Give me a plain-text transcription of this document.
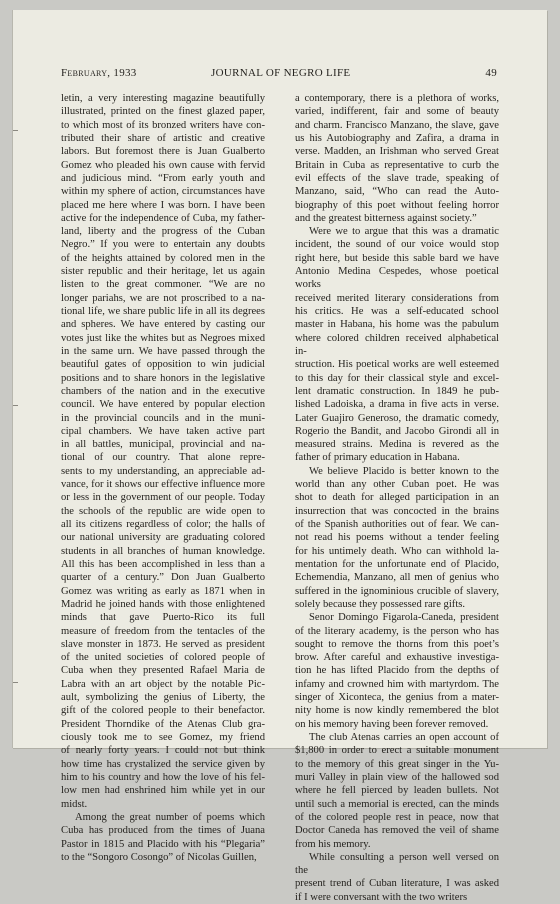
February, 1933	JOURNAL OF NEGRO LIFE	49

letin, a very interesting magazine beautifully

illustrated, printed on the finest glazed paper,

to which most of its bronzed writers have con-

tributed their share of artistic and creative

labors. But foremost there is Juan Gualberto

Gomez who pleaded his own cause with fervid

and judicious mind. “From early youth and

within my sphere of action, circumstances have

placed me here where I was born. I have been

active for the independence of Cuba, my father-

land, liberty and the progress of the Cuban

Negro.” If you were to entertain any doubts

of the heights attained by colored men in the

sister republic and their heritage, let us again

listen to the great commoner. “We are no

longer pariahs, we are not proscribed to a na-

tional life, we share public life in all its degrees

and spheres. We have entered by casting our

votes just like the whites but as Negroes mixed

in the same urn. We have passed through the

beautiful gates of opposition to win judicial

positions and to share honors in the legislative

chambers of the nation and in the executive

council. We have entered by popular election

in the provincial councils and in the muni-

cipal chambers. We have taken active part

in all battles, municipal, provincial and na-

tional of our country. That alone repre-

sents to my understanding, an appreciable ad-

vance, for it shows our effective influence more

or less in the government of our people. Today

the schools of the republic are wide open to

all its citizens regardless of color; the halls of

our national university are graduating colored

students in all branches of human knowledge.

All this has been accomplished in less than a

quarter of a century.” Don Juan Gualberto

Gomez was writing as early as 1871 when in

Madrid he joined hands with those enlightened

minds that gave Puerto-Rico its full

measure of freedom from the tentacles of the

slave monster in 1873. He served as president

of the united societies of colored people of

Cuba when they presented Rafael Maria de

Labra with an art object by the notable Pic-

ault, symbolizing the genius of Liberty, the

gift of the colored people to their benefactor.

President Thorndike of the Atenas Club gra-

ciously took me to see Gomez, my friend

of nearly forty years. I could not but think

how time has crystalized the service given by

him to his country and how the love of his fel-

low men had enshrined him while yet in our

midst.

Among the great number of poems which

Cuba has produced from the times of Juana

Pastor in 1815 and Placido with his “Plegaria”

to the “Songoro Cosongo” of Nicolas Guillen,

a contemporary, there is a plethora of works,

varied, indifferent, fair and some of beauty

and charm. Francisco Manzano, the slave, gave

us his Autobiography and Zafira, a drama in

verse. Madden, an Irishman who served Great

Britain in Cuba as representative to curb the

evil effects of the slave trade, speaking of

Manzano, said, “Who can read the Auto-

biography of this poet without feeling horror

and the greatest bitterness against society.”

Were we to argue that this was a dramatic

incident, the sound of our voice would stop

right here, but beside this sable bard we have

Antonio Medina Cespedes, whose poetical works

received merited literary considerations from

his critics. He was a self-educated school

master in Habana, his home was the pabulum

where colored children received alphabetical in-

struction. His poetical works are well esteemed

to this day for their classical style and excel-

lent dramatic construction. In 1849 he pub-

lished Ladoiska, a drama in five acts in verse.

Later Guajiro Generoso, the dramatic comedy,

Rogerio the Bandit, and Jacobo Girondi all in

measured strains. Medina is revered as the

father of primary education in Habana.

We believe Placido is better known to the

world than any other Cuban poet. He was

shot to death for alleged participation in an

insurrection that was concocted in the brains

of the Spanish authorities out of fear. We can-

not read his poems without a tender feeling

for his untimely death. Who can withhold la-

mentation for the unfortunate end of Placido,

Echemendia, Manzano, all men of genius who

suffered in the ignominious crucible of slavery,

solely because they possessed rare gifts.

Senor Domingo Figarola-Caneda, president

of the literary academy, is the person who has

sought to remove the thorns from this poet’s

brow. After careful and exhaustive investiga-

tion he has lifted Placido from the depths of

infamy and crowned him with martyrdom. The

singer of Xiconteca, the genius from a mater-

nity home is now kindly remembered the blot

on his memory having been forever removed.

The club Atenas carries an open account of

$1,800 in order to erect a suitable monument

to the memory of this great singer in the Yu-

muri Valley in plain view of the hallowed sod

where he fell pierced by leaden bullets. Not

until such a memorial is erected, can the minds

of the colored people rest in peace, now that

Doctor Caneda has removed the veil of shame

from his memory.

While consulting a person well versed on the

present trend of Cuban literature, I was asked

if I were conversant with the two writers
